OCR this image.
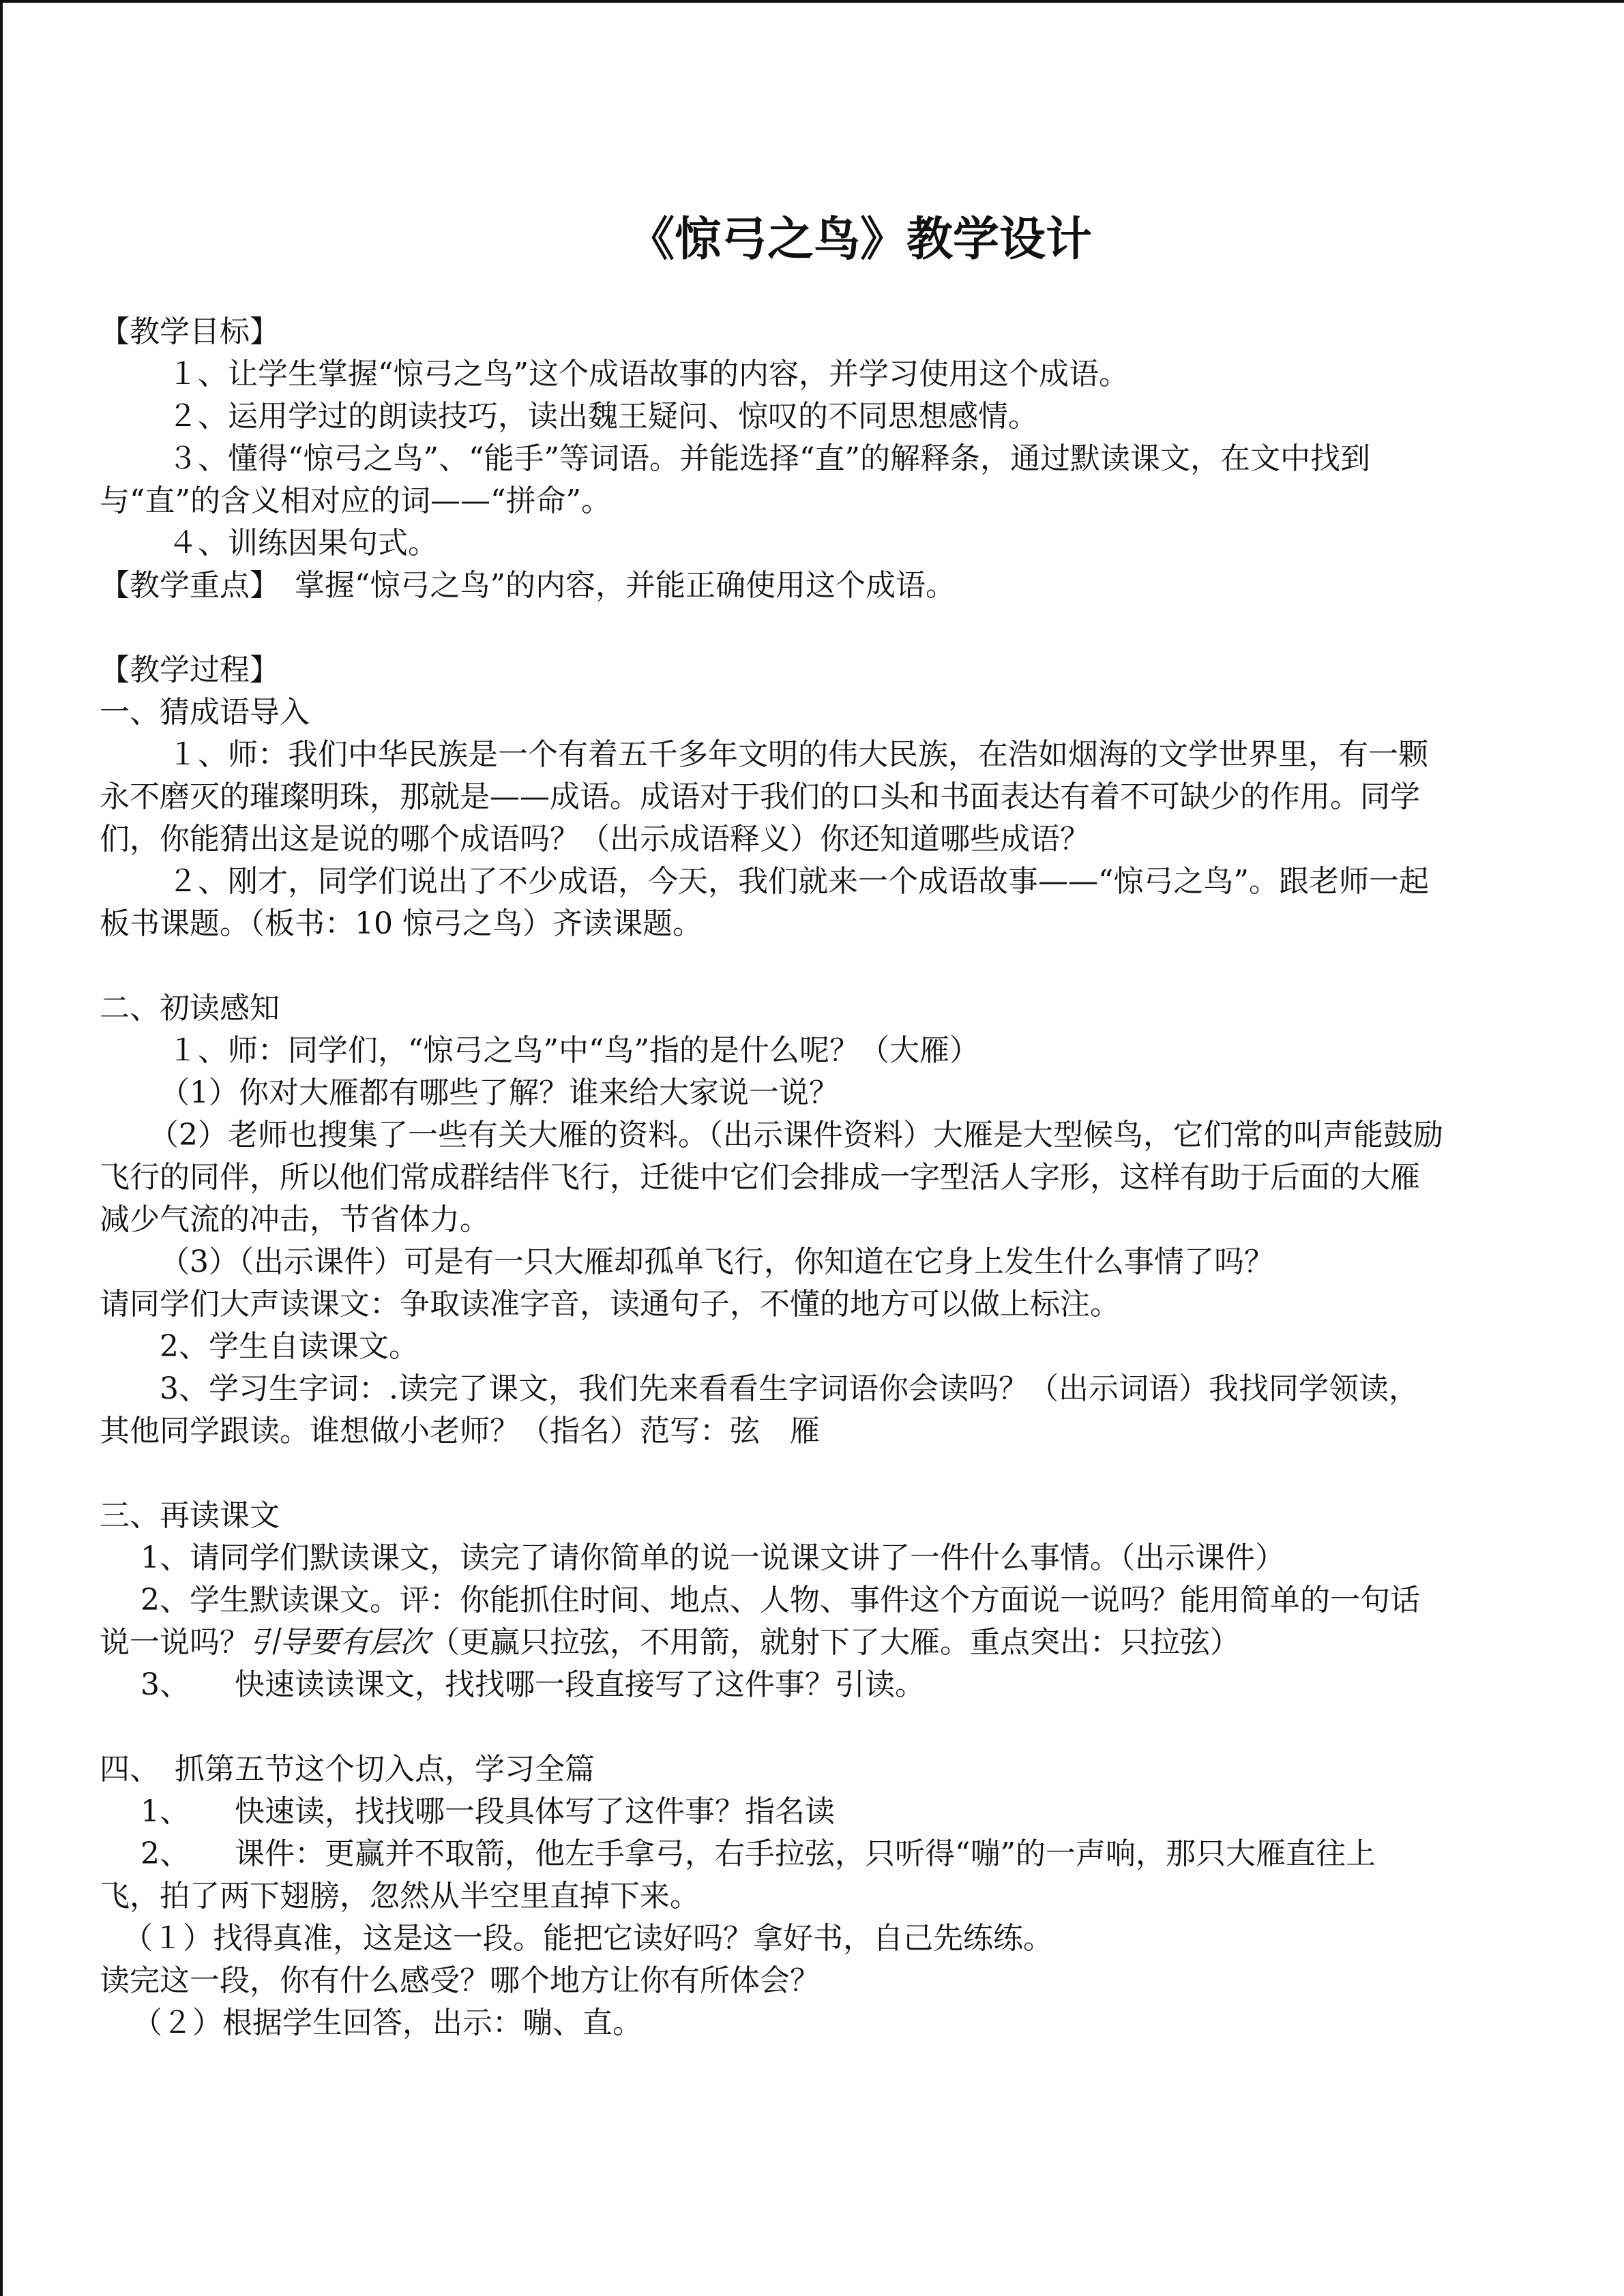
《惊弓之鸟》教学设计
【教学目标】
１、让学生掌握“惊弓之鸟”这个成语故事的内容，并学习使用这个成语。
２、运用学过的朗读技巧，读出魏王疑问、惊叹的不同思想感情。
３、懂得“惊弓之鸟”、“能手”等词语。并能选择“直”的解释条，通过默读课文，在文中找到
与“直”的含义相对应的词——“拼命”。
４、训练因果句式。
【教学重点】　掌握“惊弓之鸟”的内容，并能正确使用这个成语。
【教学过程】
一、猜成语导入
１、师：我们中华民族是一个有着五千多年文明的伟大民族，在浩如烟海的文学世界里，有一颗
永不磨灭的璀璨明珠，那就是——成语。成语对于我们的口头和书面表达有着不可缺少的作用。同学
们，你能猜出这是说的哪个成语吗？（出示成语释义）你还知道哪些成语？
２、刚才，同学们说出了不少成语，今天，我们就来一个成语故事——“惊弓之鸟”。跟老师一起
板书课题。（板书：10 惊弓之鸟）齐读课题。
二、初读感知
１、师：同学们，“惊弓之鸟”中“鸟”指的是什么呢？（大雁）
（1）你对大雁都有哪些了解？谁来给大家说一说？
（2）老师也搜集了一些有关大雁的资料。（出示课件资料）大雁是大型候鸟，它们常的叫声能鼓励
飞行的同伴，所以他们常成群结伴飞行，迁徙中它们会排成一字型活人字形，这样有助于后面的大雁
减少气流的冲击，节省体力。
（3）（出示课件）可是有一只大雁却孤单飞行，你知道在它身上发生什么事情了吗？
请同学们大声读课文：争取读准字音，读通句子，不懂的地方可以做上标注。
2、学生自读课文。
3、学习生字词：.读完了课文，我们先来看看生字词语你会读吗？（出示词语）我找同学领读，
其他同学跟读。谁想做小老师？（指名）范写：弦　雁
三、再读课文
1、请同学们默读课文，读完了请你简单的说一说课文讲了一件什么事情。（出示课件）
2、学生默读课文。评：你能抓住时间、地点、人物、事件这个方面说一说吗？能用简单的一句话
说一说吗？引导要有层次（更赢只拉弦，不用箭，就射下了大雁。重点突出：只拉弦）
3、　　快速读读课文，找找哪一段直接写了这件事？引读。
四、　抓第五节这个切入点，学习全篇
1、　　快速读，找找哪一段具体写了这件事？指名读
2、　　课件：更赢并不取箭，他左手拿弓，右手拉弦，只听得“嘣”的一声响，那只大雁直往上
飞，拍了两下翅膀，忽然从半空里直掉下来。
（１）找得真准，这是这一段。能把它读好吗？拿好书，自己先练练。
读完这一段，你有什么感受？哪个地方让你有所体会？
（２）根据学生回答，出示：嘣、直。
